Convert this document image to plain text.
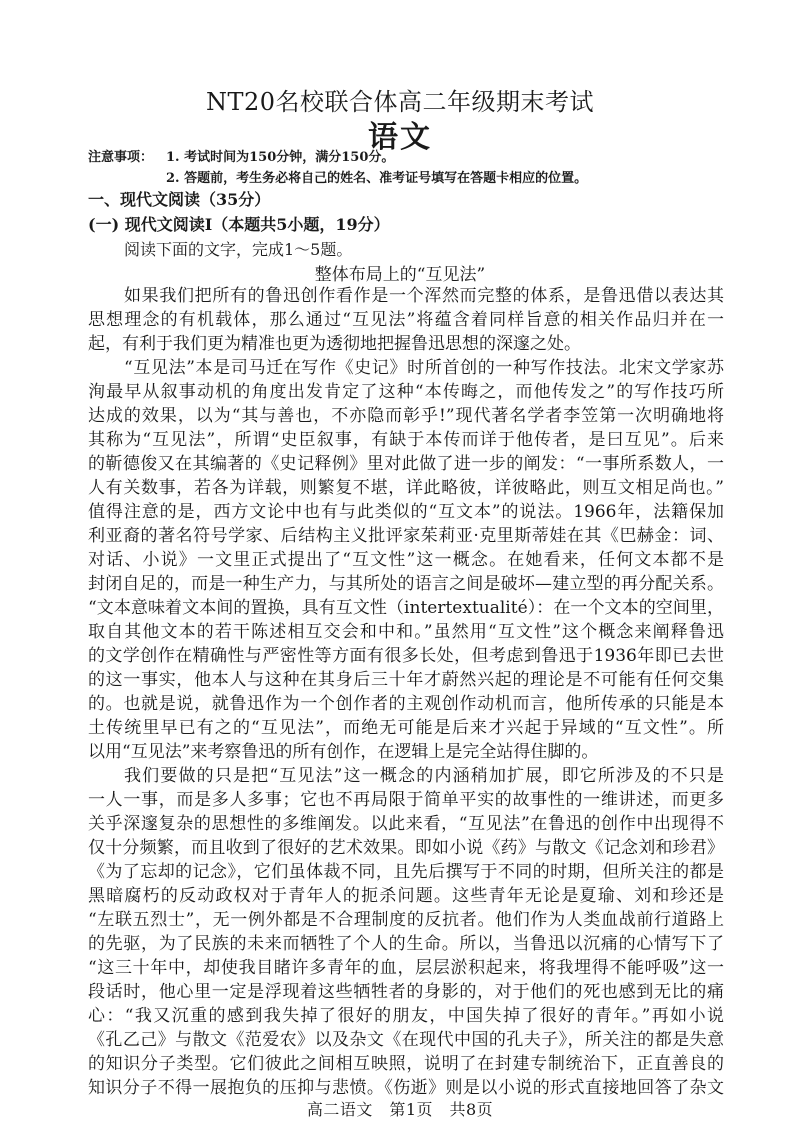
NT20名校联合体高二年级期末考试
语文
注意事项： 1. 考试时间为150分钟，满分150分。
2. 答题前，考生务必将自己的姓名、准考证号填写在答题卡相应的位置。
一、现代文阅读（35分）
(一) 现代文阅读Ⅰ（本题共5小题，19分）
阅读下面的文字，完成1～5题。
整体布局上的“互见法”
如果我们把所有的鲁迅创作看作是一个浑然而完整的体系，是鲁迅借以表达其
思想理念的有机载体，那么通过“互见法”将蕴含着同样旨意的相关作品归并在一
起，有利于我们更为精准也更为透彻地把握鲁迅思想的深邃之处。
“互见法”本是司马迁在写作《史记》时所首创的一种写作技法。北宋文学家苏
洵最早从叙事动机的角度出发肯定了这种“本传晦之，而他传发之”的写作技巧所
达成的效果，以为“其与善也，不亦隐而彰乎!”现代著名学者李笠第一次明确地将
其称为“互见法”，所谓“史臣叙事，有缺于本传而详于他传者，是曰互见”。后来
的靳德俊又在其编著的《史记释例》里对此做了进一步的阐发：“一事所系数人，一
人有关数事，若各为详载，则繁复不堪，详此略彼，详彼略此，则互文相足尚也。”
值得注意的是，西方文论中也有与此类似的“互文本”的说法。1966年，法籍保加
利亚裔的著名符号学家、后结构主义批评家茱莉亚·克里斯蒂娃在其《巴赫金：词、
对话、小说》一文里正式提出了“互文性”这一概念。在她看来，任何文本都不是
封闭自足的，而是一种生产力，与其所处的语言之间是破坏—建立型的再分配关系。
“文本意味着文本间的置换，具有互文性（intertextualité）：在一个文本的空间里，
取自其他文本的若干陈述相互交会和中和。”虽然用“互文性”这个概念来阐释鲁迅
的文学创作在精确性与严密性等方面有很多长处，但考虑到鲁迅于1936年即已去世
的这一事实，他本人与这种在其身后三十年才蔚然兴起的理论是不可能有任何交集
的。也就是说，就鲁迅作为一个创作者的主观创作动机而言，他所传承的只能是本
土传统里早已有之的“互见法”，而绝无可能是后来才兴起于异域的“互文性”。所
以用“互见法”来考察鲁迅的所有创作，在逻辑上是完全站得住脚的。
我们要做的只是把“互见法”这一概念的内涵稍加扩展，即它所涉及的不只是
一人一事，而是多人多事；它也不再局限于简单平实的故事性的一维讲述，而更多
关乎深邃复杂的思想性的多维阐发。以此来看，“互见法”在鲁迅的创作中出现得不
仅十分频繁，而且收到了很好的艺术效果。即如小说《药》与散文《记念刘和珍君》
《为了忘却的记念》，它们虽体裁不同，且先后撰写于不同的时期，但所关注的都是
黑暗腐朽的反动政权对于青年人的扼杀问题。这些青年无论是夏瑜、刘和珍还是
“左联五烈士”，无一例外都是不合理制度的反抗者。他们作为人类血战前行道路上
的先驱，为了民族的未来而牺牲了个人的生命。所以，当鲁迅以沉痛的心情写下了
“这三十年中，却使我目睹许多青年的血，层层淤积起来，将我埋得不能呼吸”这一
段话时，他心里一定是浮现着这些牺牲者的身影的，对于他们的死也感到无比的痛
心：“我又沉重的感到我失掉了很好的朋友，中国失掉了很好的青年。”再如小说
《孔乙己》与散文《范爱农》以及杂文《在现代中国的孔夫子》，所关注的都是失意
的知识分子类型。它们彼此之间相互映照，说明了在封建专制统治下，正直善良的
知识分子不得一展抱负的压抑与悲愤。《伤逝》则是以小说的形式直接地回答了杂文
高二语文　第1页　共8页
